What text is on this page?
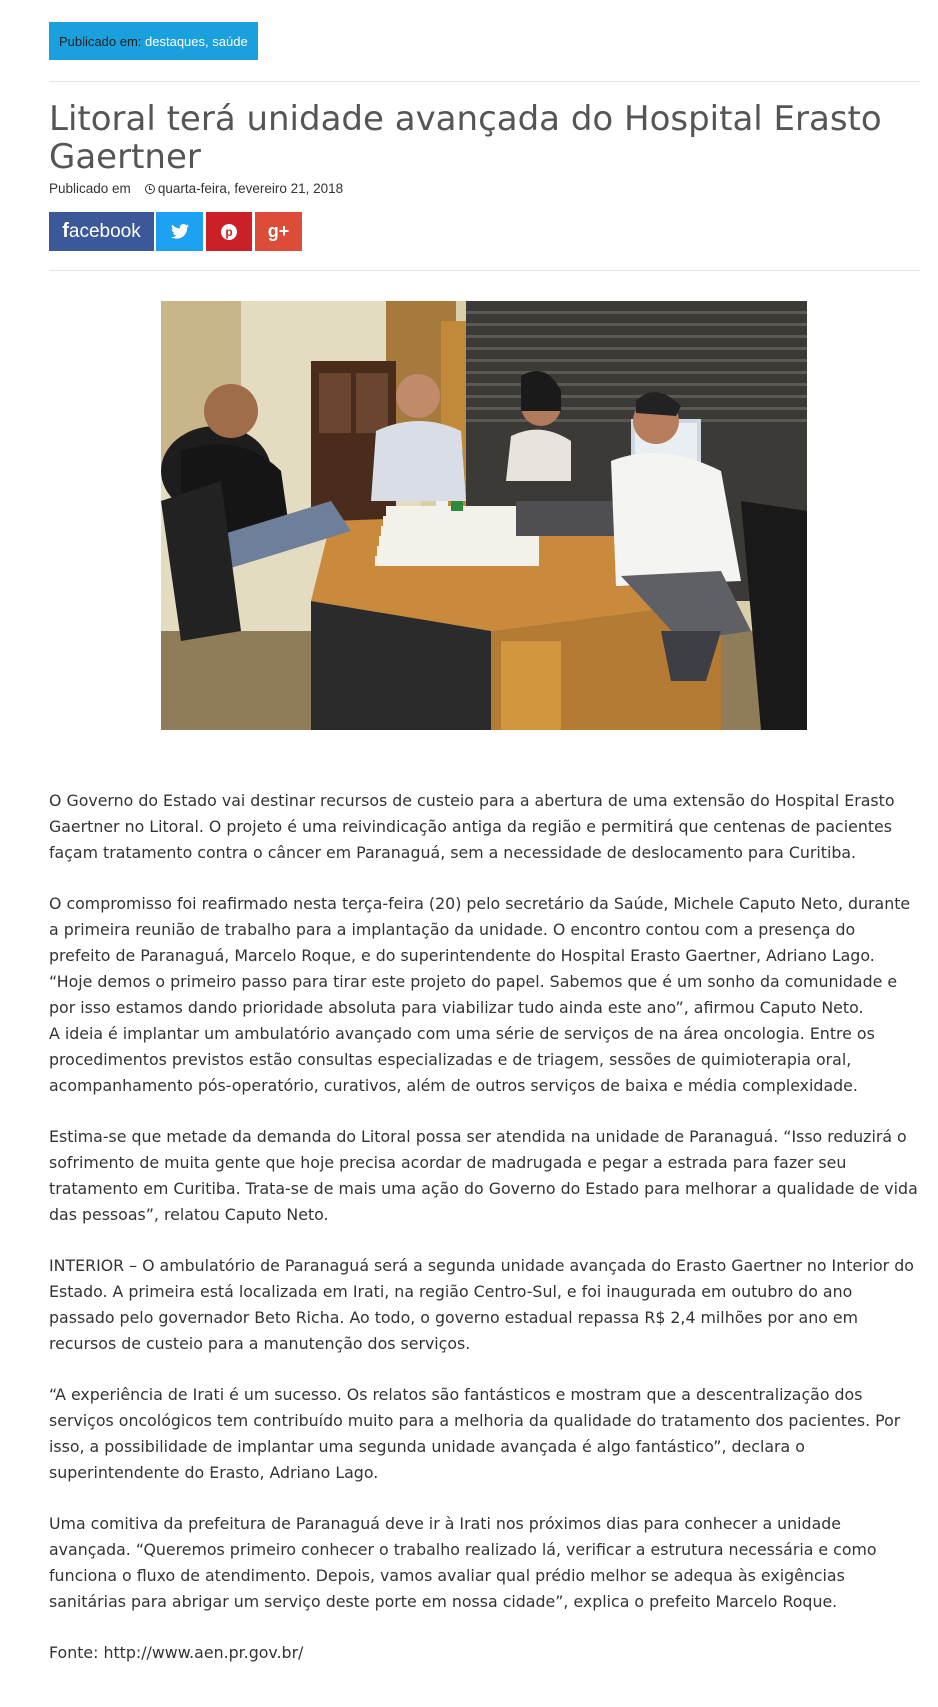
Publicado em:
destaques ,
saúde
Litoral terá unidade avançada do Hospital Erasto Gaertner
Publicado em quarta-feira, fevereiro 21, 2018
f acebook	p g+

O Governo do Estado vai destinar recursos de custeio para a abertura de uma extensão do Hospital Erasto Gaertner no Litoral. O projeto é uma reivindicação antiga da região e permitirá que centenas de pacientes façam tratamento contra o câncer em Paranaguá, sem a necessidade de deslocamento para Curitiba.

O compromisso foi reafirmado nesta terça-feira (20) pelo secretário da Saúde, Michele Caputo Neto, durante a primeira reunião de trabalho para a implantação da unidade. O encontro contou com a presença do prefeito de Paranaguá, Marcelo Roque, e do superintendente do Hospital Erasto Gaertner, Adriano Lago. “Hoje demos o primeiro passo para tirar este projeto do papel. Sabemos que é um sonho da comunidade e por isso estamos dando prioridade absoluta para viabilizar tudo ainda este ano”, afirmou Caputo Neto.

A ideia é implantar um ambulatório avançado com uma série de serviços de na área oncologia. Entre os procedimentos previstos estão consultas especializadas e de triagem, sessões de quimioterapia oral, acompanhamento pós-operatório, curativos, além de outros serviços de baixa e média complexidade.

Estima-se que metade da demanda do Litoral possa ser atendida na unidade de Paranaguá. “Isso reduzirá o sofrimento de muita gente que hoje precisa acordar de madrugada e pegar a estrada para fazer seu tratamento em Curitiba. Trata-se de mais uma ação do Governo do Estado para melhorar a qualidade de vida das pessoas”, relatou Caputo Neto.

INTERIOR – O ambulatório de Paranaguá será a segunda unidade avançada do Erasto Gaertner no Interior do Estado. A primeira está localizada em Irati, na região Centro-Sul, e foi inaugurada em outubro do ano passado pelo governador Beto Richa. Ao todo, o governo estadual repassa R$ 2,4 milhões por ano em recursos de custeio para a manutenção dos serviços.

“A experiência de Irati é um sucesso. Os relatos são fantásticos e mostram que a descentralização dos serviços oncológicos tem contribuído muito para a melhoria da qualidade do tratamento dos pacientes. Por isso, a possibilidade de implantar uma segunda unidade avançada é algo fantástico”, declara o superintendente do Erasto, Adriano Lago.

Uma comitiva da prefeitura de Paranaguá deve ir à Irati nos próximos dias para conhecer a unidade avançada. “Queremos primeiro conhecer o trabalho realizado lá, verificar a estrutura necessária e como funciona o fluxo de atendimento. Depois, vamos avaliar qual prédio melhor se adequa às exigências sanitárias para abrigar um serviço deste porte em nossa cidade”, explica o prefeito Marcelo Roque.

Fonte: http://www.aen.pr.gov.br/
